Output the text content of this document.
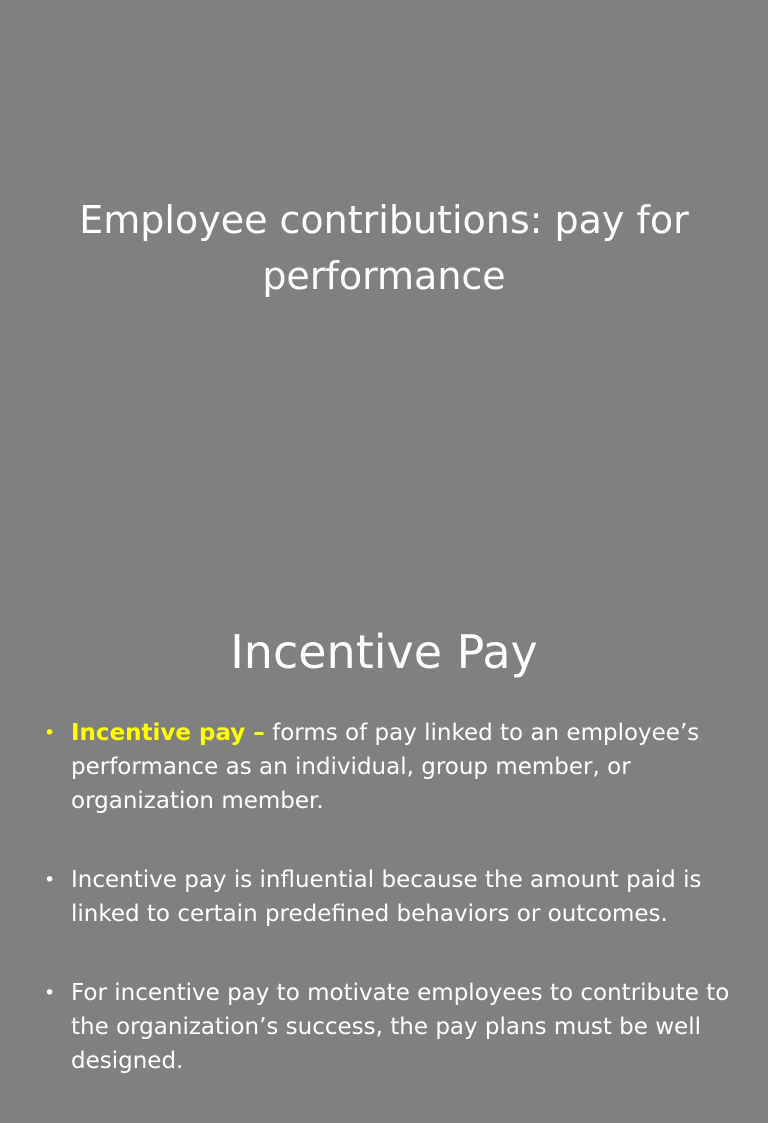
Employee contributions: pay for performance
Incentive Pay
• Incentive pay – forms of pay linked to an employee’s performance as an individual, group member, or organization member.
• Incentive pay is influential because the amount paid is linked to certain predefined behaviors or outcomes.
• For incentive pay to motivate employees to contribute to the organization’s success, the pay plans must be well designed.
